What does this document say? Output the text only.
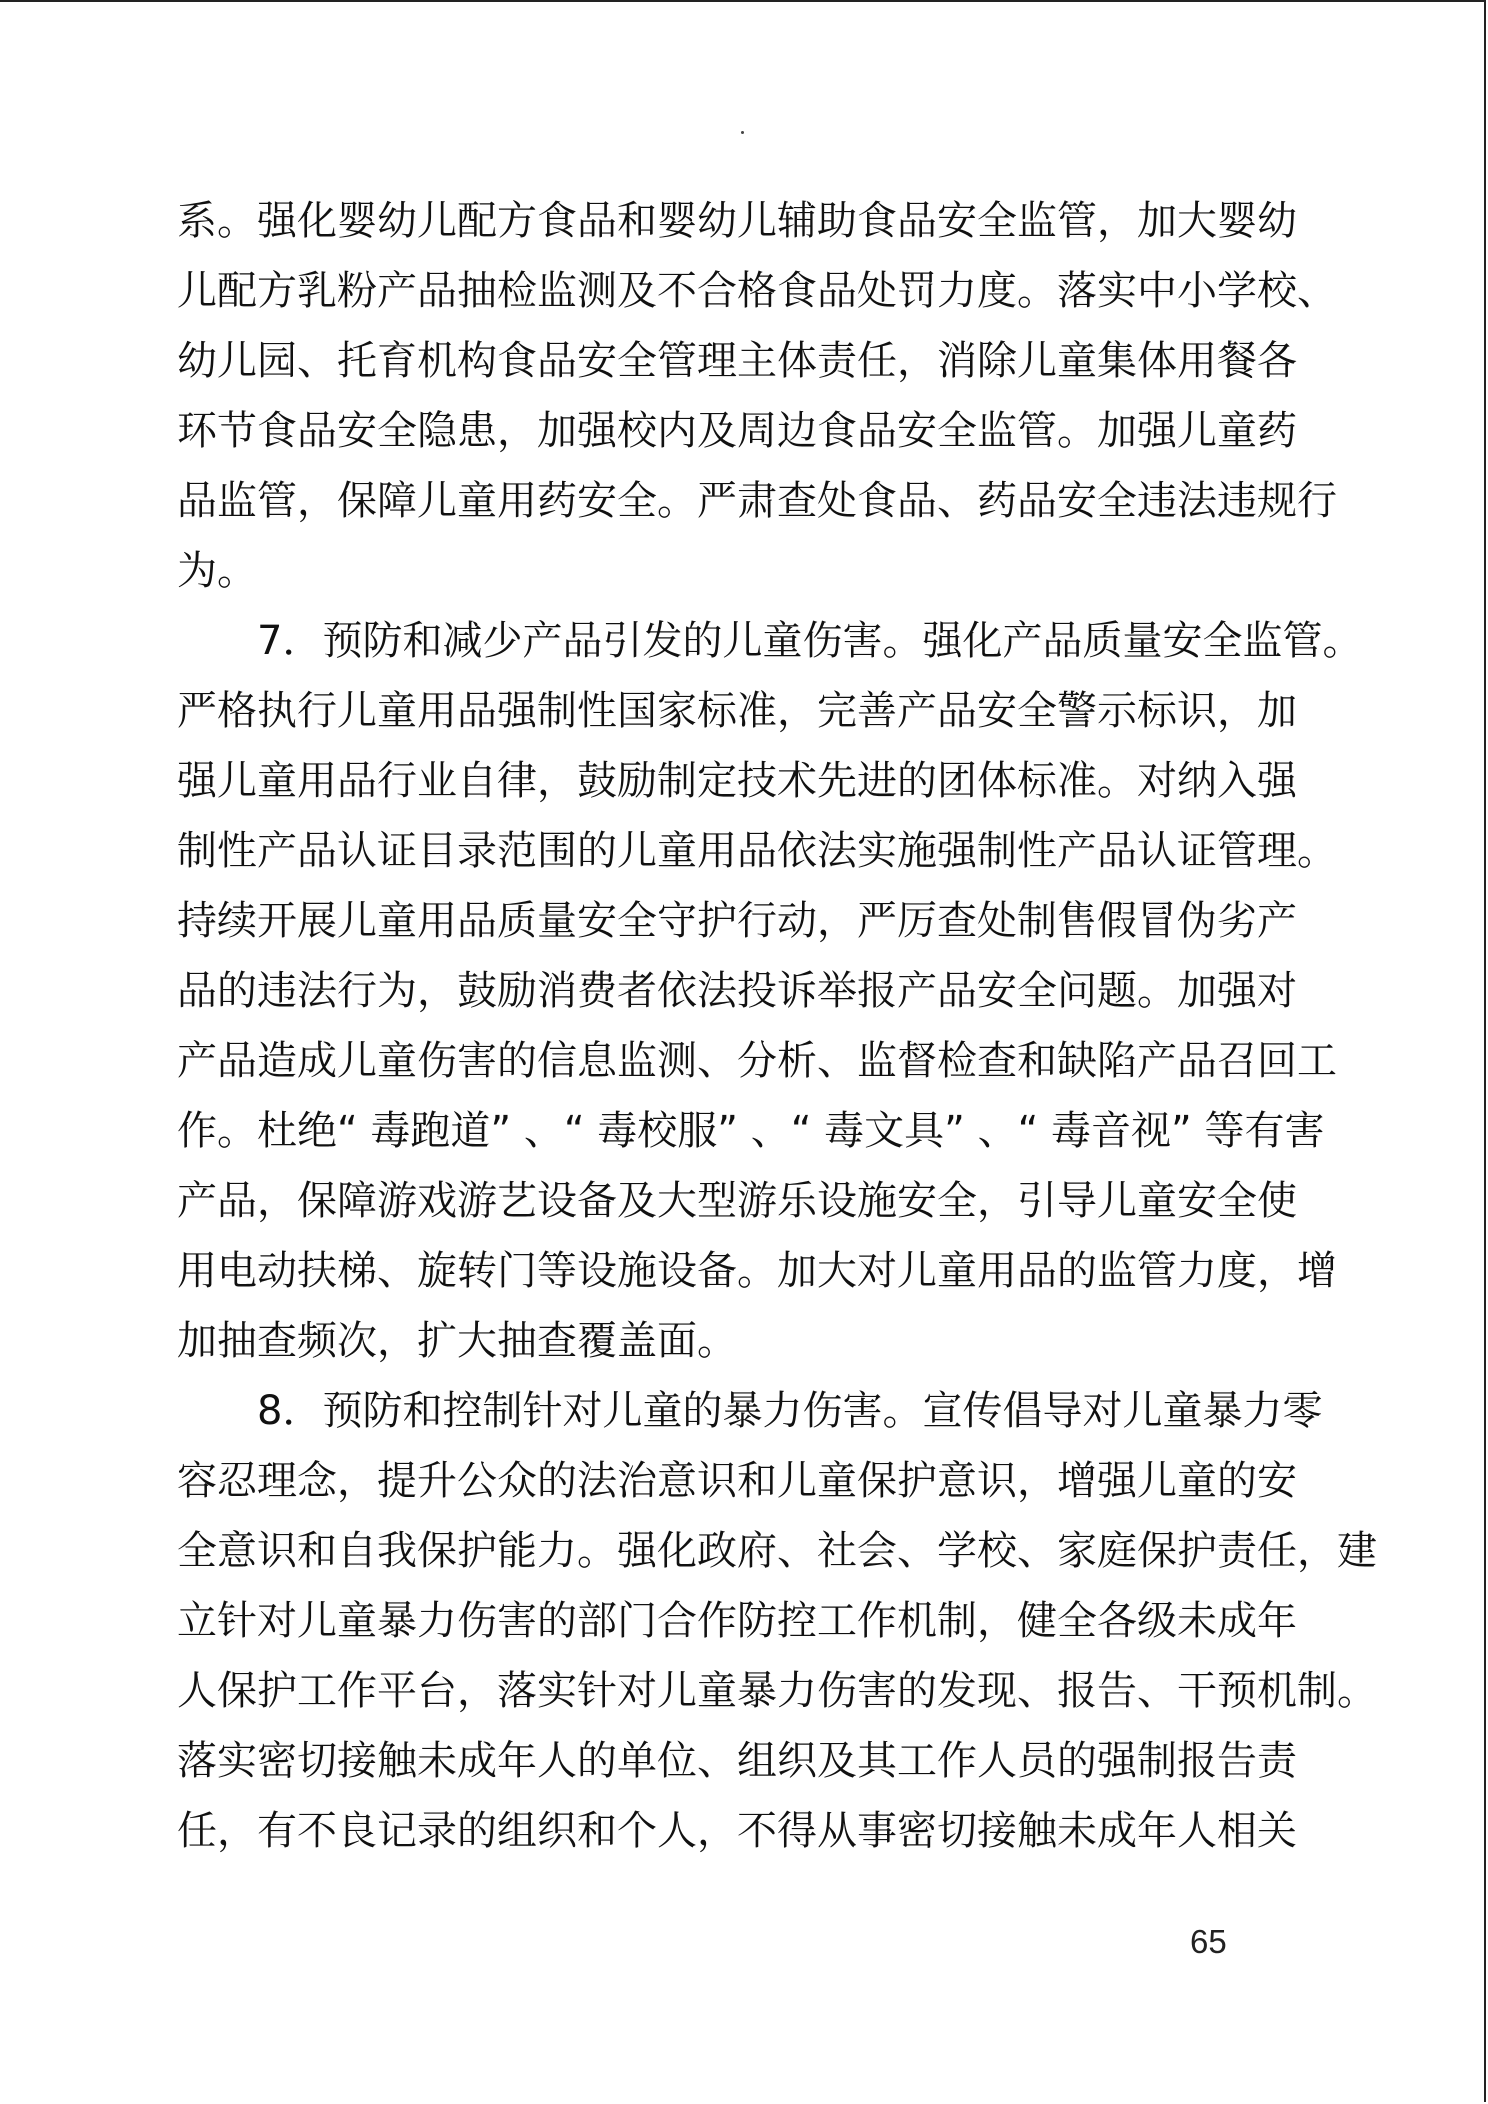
系。强化婴幼儿配方食品和婴幼儿辅助食品安全监管，加大婴幼
儿配方乳粉产品抽检监测及不合格食品处罚力度。落实中小学校、
幼儿园、托育机构食品安全管理主体责任，消除儿童集体用餐各
环节食品安全隐患，加强校内及周边食品安全监管。加强儿童药
品监管，保障儿童用药安全。严肃查处食品、药品安全违法违规行
为。
7．预防和减少产品引发的儿童伤害。强化产品质量安全监管。
严格执行儿童用品强制性国家标准，完善产品安全警示标识，加
强儿童用品行业自律，鼓励制定技术先进的团体标准。对纳入强
制性产品认证目录范围的儿童用品依法实施强制性产品认证管理。
持续开展儿童用品质量安全守护行动，严厉查处制售假冒伪劣产
品的违法行为，鼓励消费者依法投诉举报产品安全问题。加强对
产品造成儿童伤害的信息监测、分析、监督检查和缺陷产品召回工
作。杜绝“ 毒跑道” 、“ 毒校服” 、“ 毒文具” 、“ 毒音视” 等有害
产品，保障游戏游艺设备及大型游乐设施安全，引导儿童安全使
用电动扶梯、旋转门等设施设备。加大对儿童用品的监管力度，增
加抽查频次，扩大抽查覆盖面。
8．预防和控制针对儿童的暴力伤害。宣传倡导对儿童暴力零
容忍理念，提升公众的法治意识和儿童保护意识，增强儿童的安
全意识和自我保护能力。强化政府、社会、学校、家庭保护责任，建
立针对儿童暴力伤害的部门合作防控工作机制，健全各级未成年
人保护工作平台，落实针对儿童暴力伤害的发现、报告、干预机制。
落实密切接触未成年人的单位、组织及其工作人员的强制报告责
任，有不良记录的组织和个人，不得从事密切接触未成年人相关
65
